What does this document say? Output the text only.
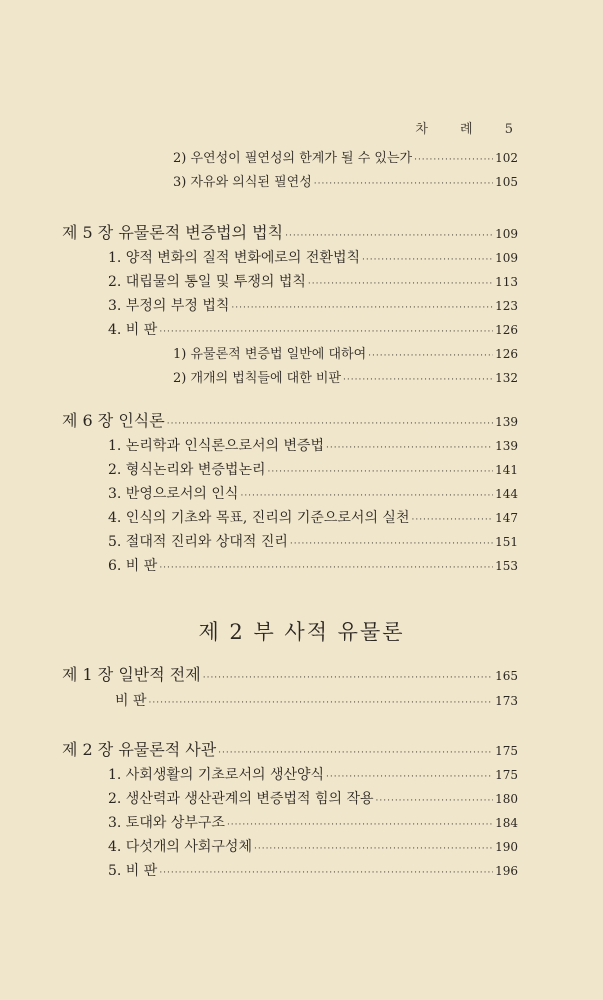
차 례 5
2) 우연성이 필연성의 한계가 될 수 있는가 ·····	102
3) 자유와 의식된 필연성 ·····	105
제 5 장 유물론적 변증법의 법칙 ·····	109
1. 양적 변화의 질적 변화에로의 전환법칙 ·····	109
2. 대립물의 통일 및 투쟁의 법칙 ·····	113
3. 부정의 부정 법칙 ·····	123
4. 비 판 ·····	126
1) 유물론적 변증법 일반에 대하여 ·····	126
2) 개개의 법칙들에 대한 비판 ·····	132
제 6 장 인식론 ·····	139
1. 논리학과 인식론으로서의 변증법 ·····	139
2. 형식논리와 변증법논리 ·····	141
3. 반영으로서의 인식 ·····	144
4. 인식의 기초와 목표, 진리의 기준으로서의 실천 ·····	147
5. 절대적 진리와 상대적 진리 ·····	151
6. 비 판 ·····	153
제 2 부 사적 유물론
제 1 장 일반적 전제 ·····	165
비 판 ·····	173
제 2 장 유물론적 사관 ·····	175
1. 사회생활의 기초로서의 생산양식 ·····	175
2. 생산력과 생산관계의 변증법적 힘의 작용 ·····	180
3. 토대와 상부구조 ·····	184
4. 다섯개의 사회구성체 ·····	190
5. 비 판 ·····	196
